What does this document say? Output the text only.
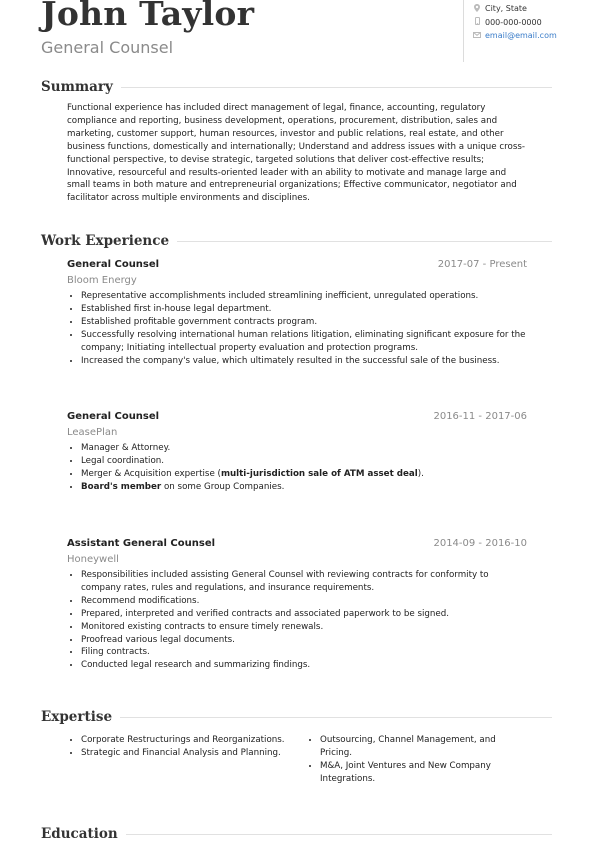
John Taylor
General Counsel
City, State
000-000-0000
email@email.com
Summary

Functional experience has included direct management of legal, finance, accounting, regulatory compliance and reporting, business development, operations, procurement, distribution, sales and marketing, customer support, human resources, investor and public relations, real estate, and other business functions, domestically and internationally; Understand and address issues with a unique cross-functional perspective, to devise strategic, targeted solutions that deliver cost-effective results; Innovative, resourceful and results-oriented leader with an ability to motivate and manage large and small teams in both mature and entrepreneurial organizations; Effective communicator, negotiator and facilitator across multiple environments and disciplines.

Work Experience
General Counsel	2017-07 - Present
Bloom Energy
• Representative accomplishments included streamlining inefficient, unregulated operations.
• Established first in-house legal department.
• Established profitable government contracts program.
• Successfully resolving international human relations litigation, eliminating significant exposure for the company; Initiating intellectual property evaluation and protection programs.
• Increased the company's value, which ultimately resulted in the successful sale of the business.
General Counsel	2016-11 - 2017-06
LeasePlan
• Manager & Attorney.
• Legal coordination.
• Merger & Acquisition expertise (multi-jurisdiction sale of ATM asset deal).
• Board's member on some Group Companies.
Assistant General Counsel	2014-09 - 2016-10
Honeywell
• Responsibilities included assisting General Counsel with reviewing contracts for conformity to company rates, rules and regulations, and insurance requirements.
• Recommend modifications.
• Prepared, interpreted and verified contracts and associated paperwork to be signed.
• Monitored existing contracts to ensure timely renewals.
• Proofread various legal documents.
• Filing contracts.
• Conducted legal research and summarizing findings.
Expertise
• Corporate Restructurings and Reorganizations.
• Strategic and Financial Analysis and Planning.
• Outsourcing, Channel Management, and Pricing.
• M&A, Joint Ventures and New Company Integrations.
Education
